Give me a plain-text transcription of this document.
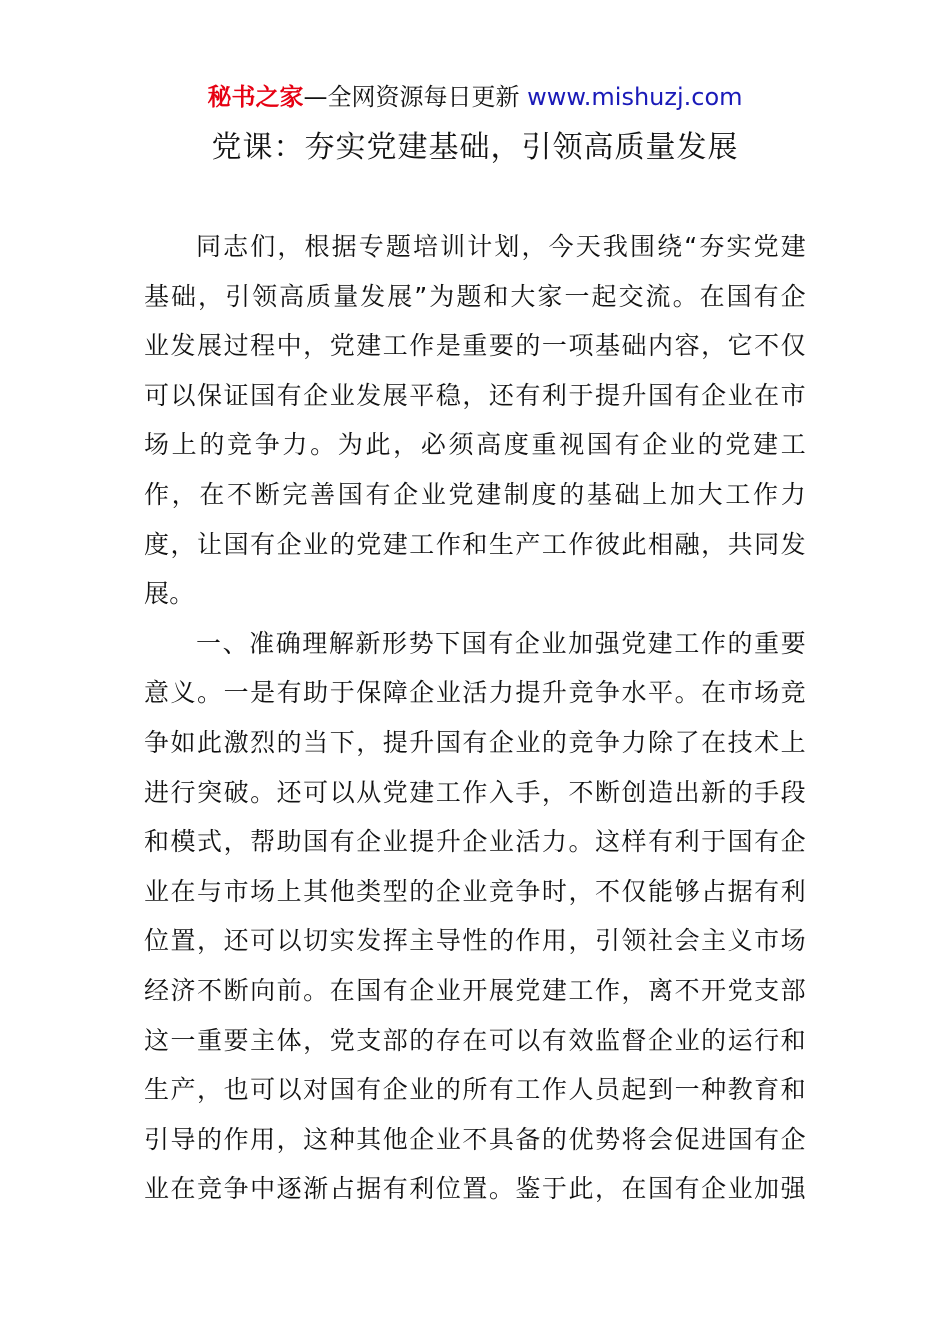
秘书之家—全网资源每日更新 www.mishuzj.com
党课：夯实党建基础，引领高质量发展
同志们，根据专题培训计划，今天我围绕“夯实党建
基础，引领高质量发展”为题和大家一起交流。在国有企
业发展过程中，党建工作是重要的一项基础内容，它不仅
可以保证国有企业发展平稳，还有利于提升国有企业在市
场上的竞争力。为此，必须高度重视国有企业的党建工
作，在不断完善国有企业党建制度的基础上加大工作力
度，让国有企业的党建工作和生产工作彼此相融，共同发
展。
一、准确理解新形势下国有企业加强党建工作的重要
意义。一是有助于保障企业活力提升竞争水平。在市场竞
争如此激烈的当下，提升国有企业的竞争力除了在技术上
进行突破。还可以从党建工作入手，不断创造出新的手段
和模式，帮助国有企业提升企业活力。这样有利于国有企
业在与市场上其他类型的企业竞争时，不仅能够占据有利
位置，还可以切实发挥主导性的作用，引领社会主义市场
经济不断向前。在国有企业开展党建工作，离不开党支部
这一重要主体，党支部的存在可以有效监督企业的运行和
生产，也可以对国有企业的所有工作人员起到一种教育和
引导的作用，这种其他企业不具备的优势将会促进国有企
业在竞争中逐渐占据有利位置。鉴于此，在国有企业加强
